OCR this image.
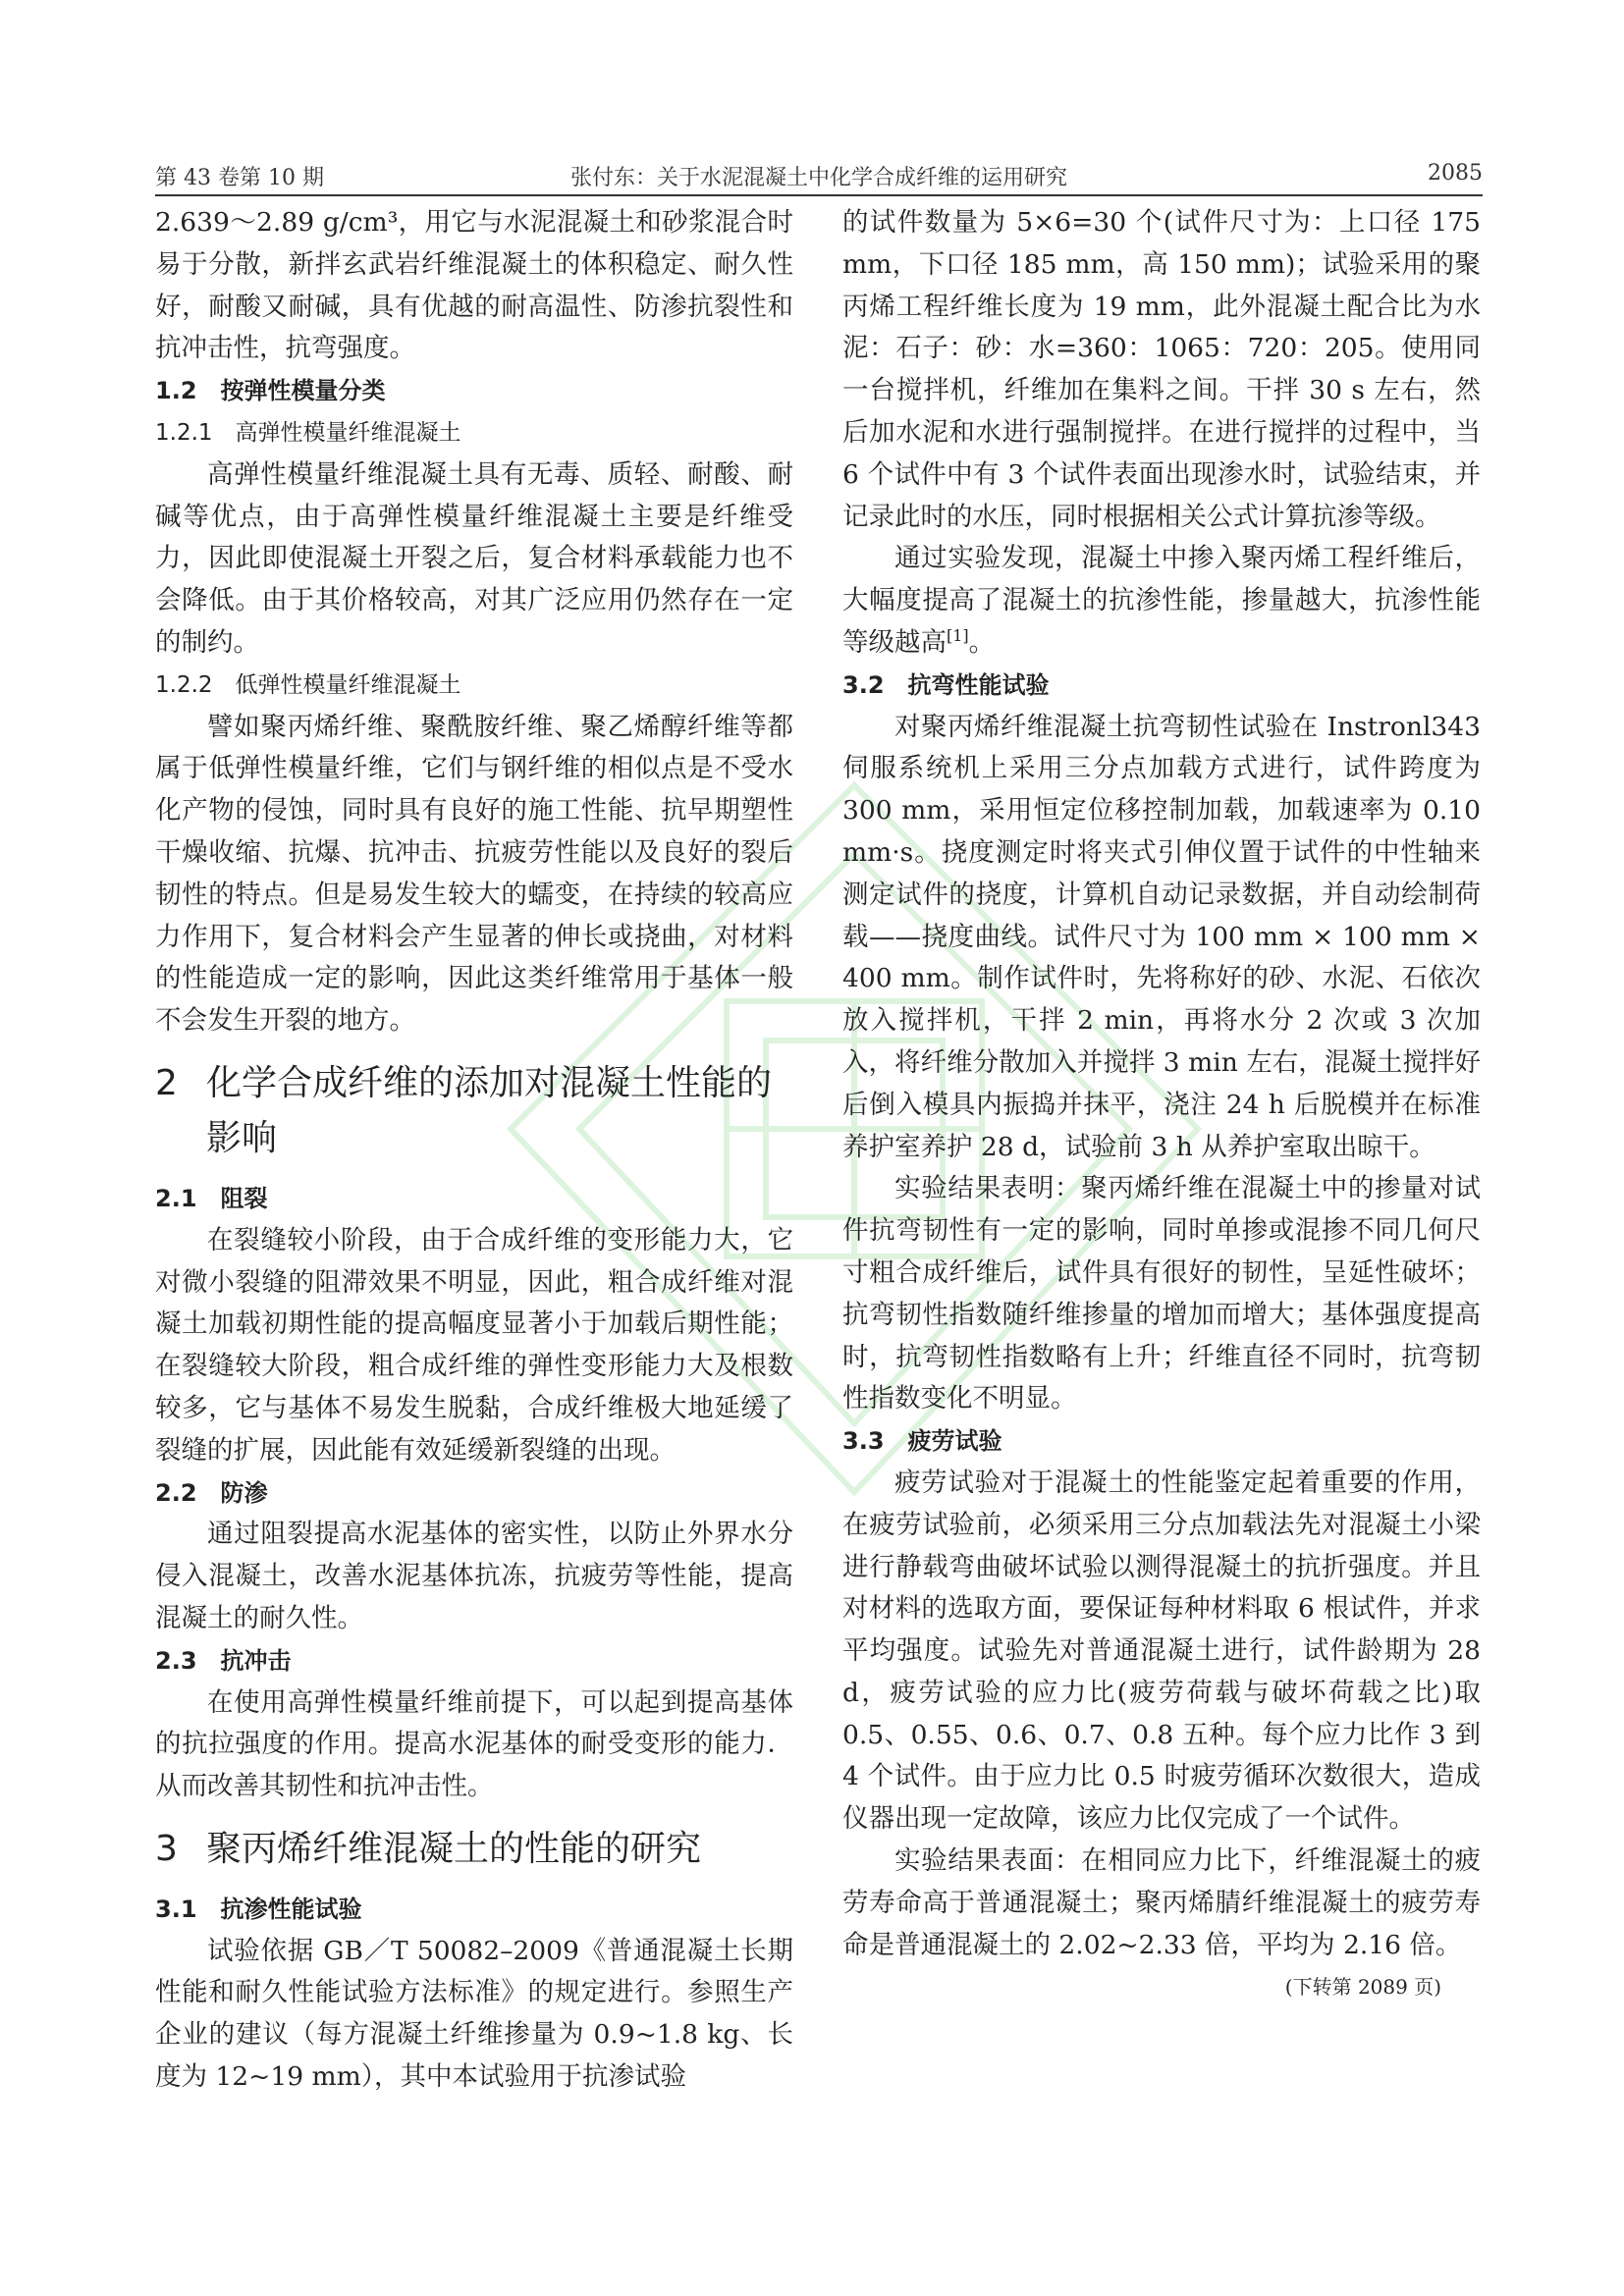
第 43 卷第 10 期	张付东：关于水泥混凝土中化学合成纤维的运用研究	2085
2.639～2.89 g/cm³，用它与水泥混凝土和砂浆混合时易于分散，新拌玄武岩纤维混凝土的体积稳定、耐久性好，耐酸又耐碱，具有优越的耐高温性、防渗抗裂性和抗冲击性，抗弯强度。
1.2　按弹性模量分类
1.2.1　高弹性模量纤维混凝土
高弹性模量纤维混凝土具有无毒、质轻、耐酸、耐碱等优点，由于高弹性模量纤维混凝土主要是纤维受力，因此即使混凝土开裂之后，复合材料承载能力也不会降低。由于其价格较高，对其广泛应用仍然存在一定的制约。
1.2.2　低弹性模量纤维混凝土
譬如聚丙烯纤维、聚酰胺纤维、聚乙烯醇纤维等都属于低弹性模量纤维，它们与钢纤维的相似点是不受水化产物的侵蚀，同时具有良好的施工性能、抗早期塑性干燥收缩、抗爆、抗冲击、抗疲劳性能以及良好的裂后韧性的特点。但是易发生较大的蠕变，在持续的较高应力作用下，复合材料会产生显著的伸长或挠曲，对材料的性能造成一定的影响，因此这类纤维常用于基体一般不会发生开裂的地方。
2 化学合成纤维的添加对混凝土性能的影响
2.1　阻裂
在裂缝较小阶段，由于合成纤维的变形能力大，它对微小裂缝的阻滞效果不明显，因此，粗合成纤维对混凝土加载初期性能的提高幅度显著小于加载后期性能；在裂缝较大阶段，粗合成纤维的弹性变形能力大及根数较多，它与基体不易发生脱黏，合成纤维极大地延缓了裂缝的扩展，因此能有效延缓新裂缝的出现。
2.2　防渗
通过阻裂提高水泥基体的密实性，以防止外界水分侵入混凝土，改善水泥基体抗冻，抗疲劳等性能，提高混凝土的耐久性。
2.3　抗冲击
在使用高弹性模量纤维前提下，可以起到提高基体的抗拉强度的作用。提高水泥基体的耐受变形的能力．从而改善其韧性和抗冲击性。
3 聚丙烯纤维混凝土的性能的研究
3.1　抗渗性能试验
试验依据 GB／T 50082–2009《普通混凝土长期性能和耐久性能试验方法标准》的规定进行。参照生产企业的建议（每方混凝土纤维掺量为 0.9~1.8 kg、长度为 12~19 mm），其中本试验用于抗渗试验
的试件数量为 5×6=30 个(试件尺寸为：上口径 175 mm，下口径 185 mm，高 150 mm)；试验采用的聚丙烯工程纤维长度为 19 mm，此外混凝土配合比为水泥：石子：砂：水=360：1065：720：205。使用同一台搅拌机，纤维加在集料之间。干拌 30 s 左右，然后加水泥和水进行强制搅拌。在进行搅拌的过程中，当 6 个试件中有 3 个试件表面出现渗水时，试验结束，并记录此时的水压，同时根据相关公式计算抗渗等级。
通过实验发现，混凝土中掺入聚丙烯工程纤维后，大幅度提高了混凝土的抗渗性能，掺量越大，抗渗性能等级越高[1]。
3.2　抗弯性能试验
对聚丙烯纤维混凝土抗弯韧性试验在 Instronl343 伺服系统机上采用三分点加载方式进行，试件跨度为 300 mm，采用恒定位移控制加载，加载速率为 0.10 mm·s。挠度测定时将夹式引伸仪置于试件的中性轴来测定试件的挠度，计算机自动记录数据，并自动绘制荷载——挠度曲线。试件尺寸为 100 mm × 100 mm × 400 mm。制作试件时，先将称好的砂、水泥、石依次放入搅拌机，干拌 2 min，再将水分 2 次或 3 次加入，将纤维分散加入并搅拌 3 min 左右，混凝土搅拌好后倒入模具内振捣并抹平，浇注 24 h 后脱模并在标准养护室养护 28 d，试验前 3 h 从养护室取出晾干。
实验结果表明：聚丙烯纤维在混凝土中的掺量对试件抗弯韧性有一定的影响，同时单掺或混掺不同几何尺寸粗合成纤维后，试件具有很好的韧性，呈延性破坏；抗弯韧性指数随纤维掺量的增加而增大；基体强度提高时，抗弯韧性指数略有上升；纤维直径不同时，抗弯韧性指数变化不明显。
3.3　疲劳试验
疲劳试验对于混凝土的性能鉴定起着重要的作用，在疲劳试验前，必须采用三分点加载法先对混凝土小梁进行静载弯曲破坏试验以测得混凝土的抗折强度。并且对材料的选取方面，要保证每种材料取 6 根试件，并求平均强度。试验先对普通混凝土进行，试件龄期为 28 d，疲劳试验的应力比(疲劳荷载与破坏荷载之比)取 0.5、0.55、0.6、0.7、0.8 五种。每个应力比作 3 到 4 个试件。由于应力比 0.5 时疲劳循环次数很大，造成仪器出现一定故障，该应力比仅完成了一个试件。
实验结果表面：在相同应力比下，纤维混凝土的疲劳寿命高于普通混凝土；聚丙烯腈纤维混凝土的疲劳寿命是普通混凝土的 2.02~2.33 倍，平均为 2.16 倍。
(下转第 2089 页)
